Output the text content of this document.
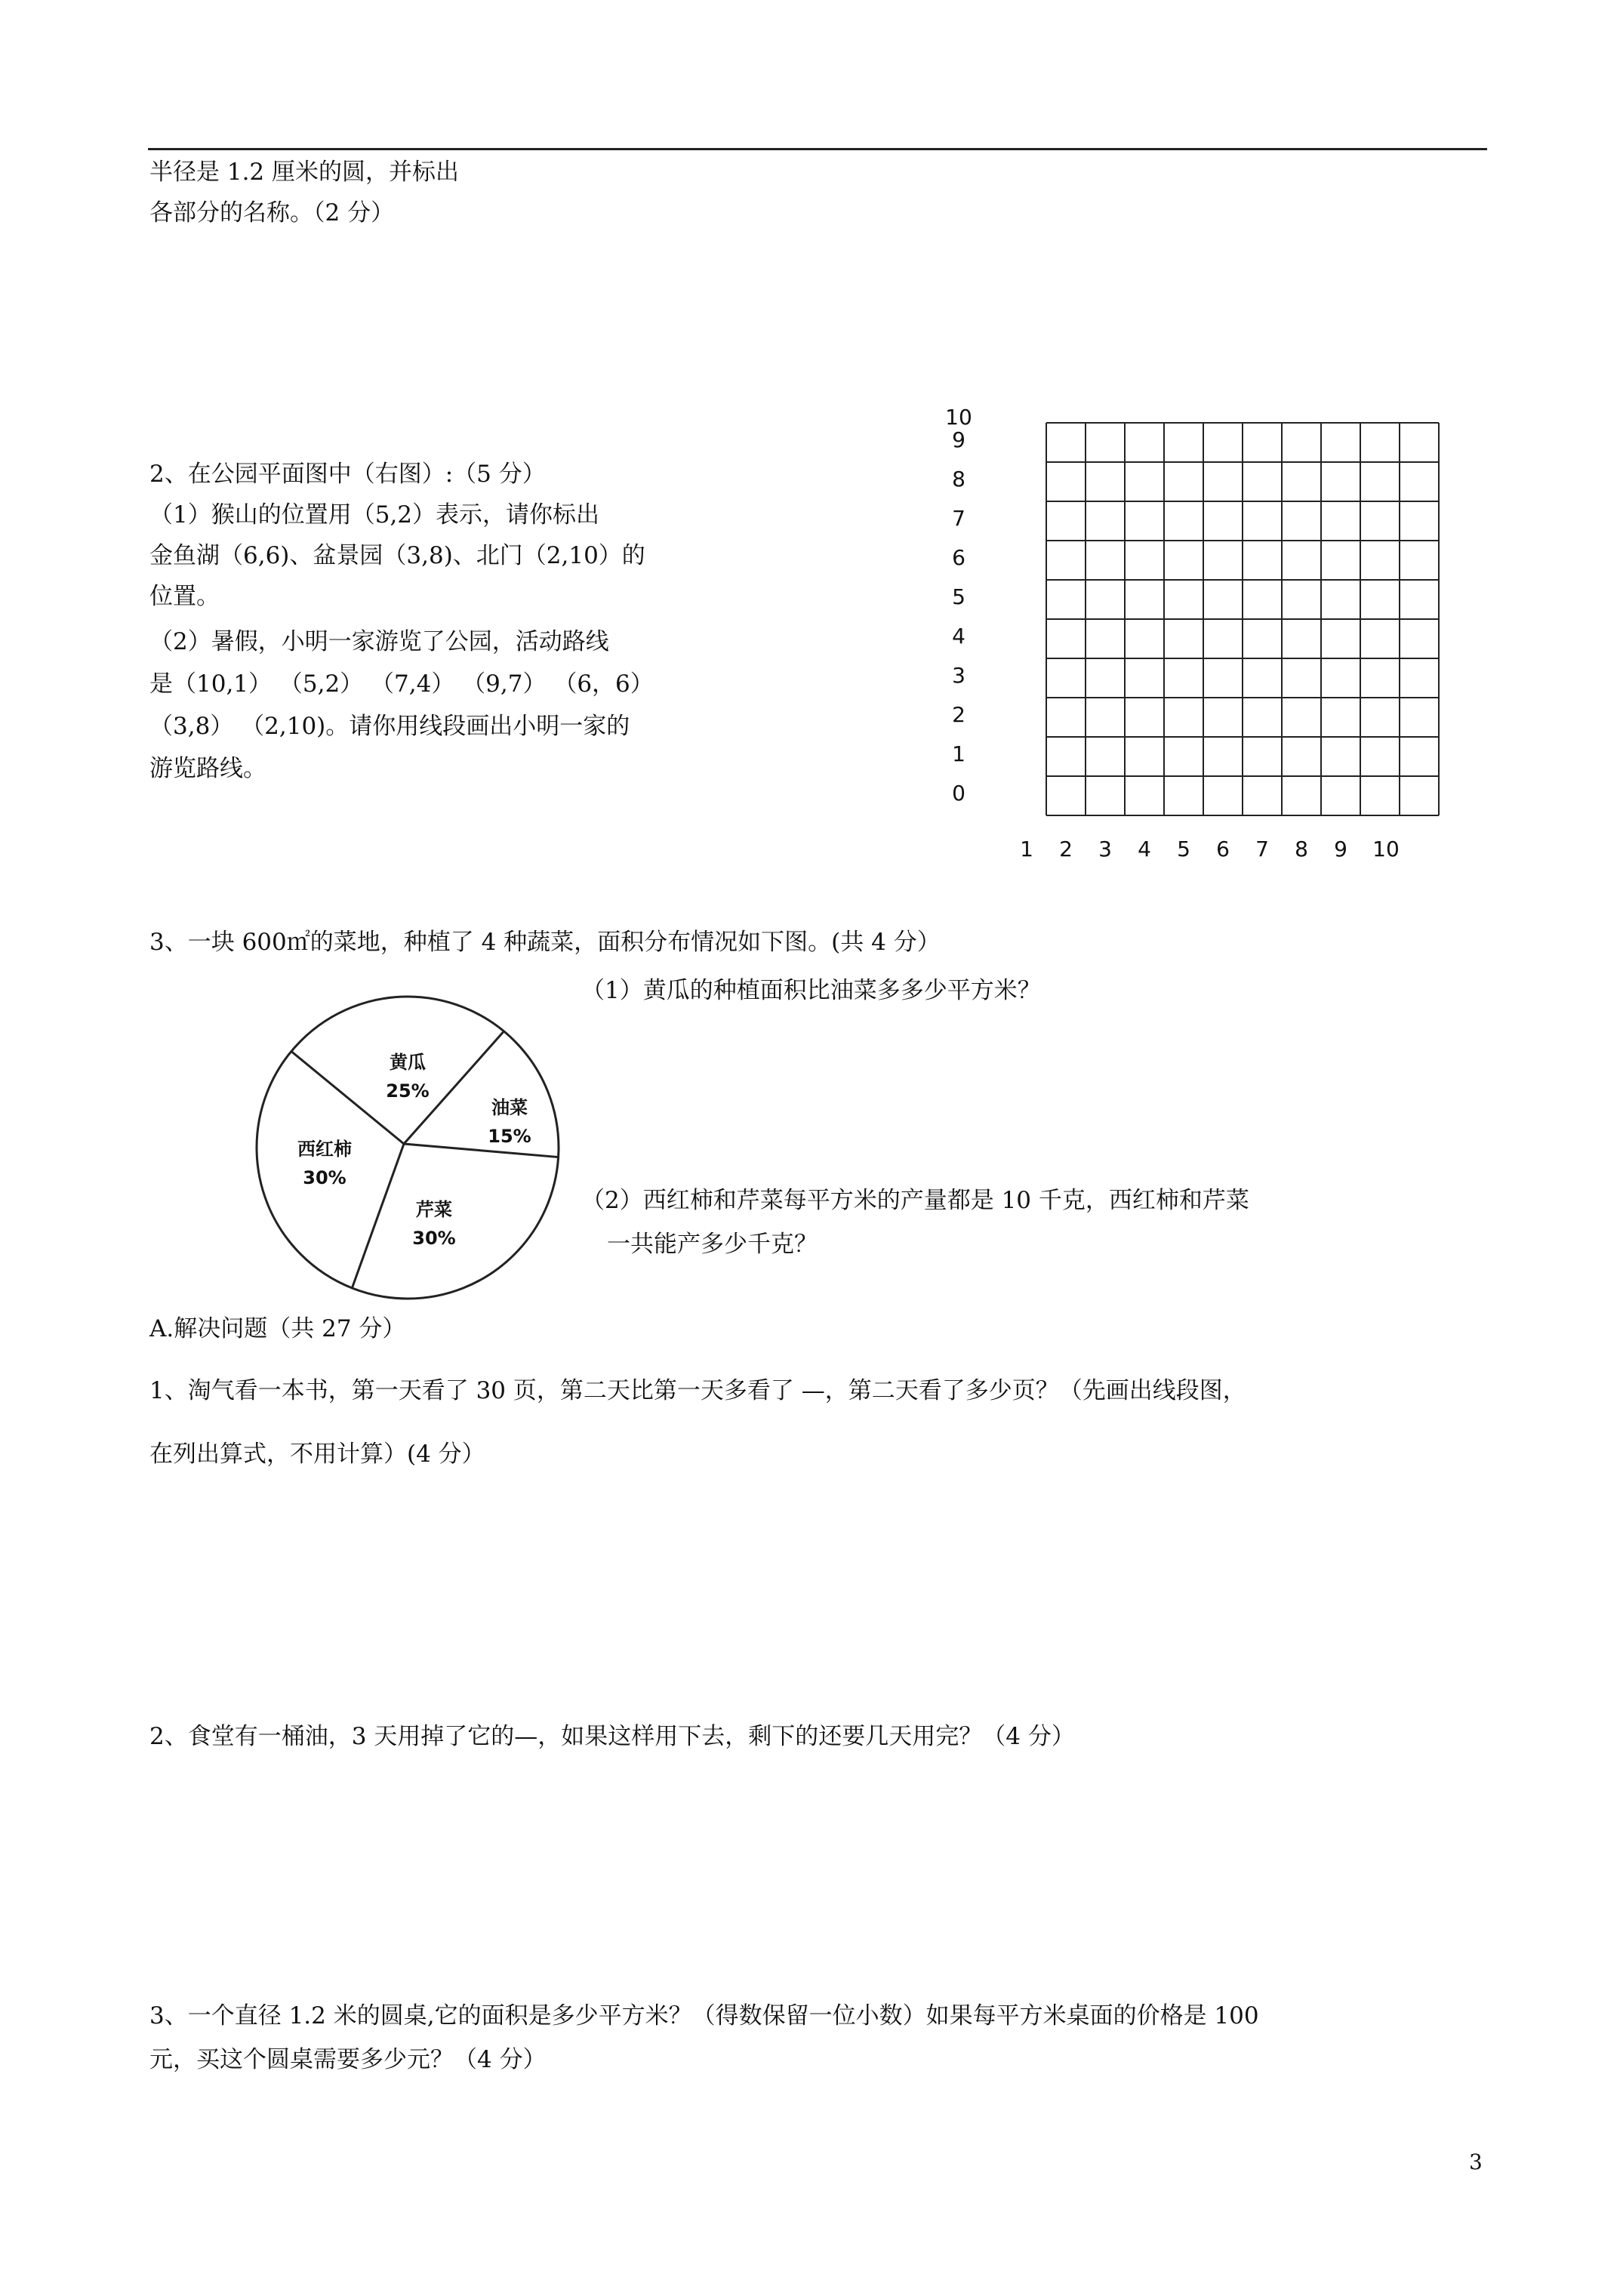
半径是 1.2 厘米的圆，并标出
各部分的名称。（2 分）
2、在公园平面图中（右图）:（5 分）
（1）猴山的位置用（5,2）表示，请你标出
金鱼湖（6,6)、盆景园（3,8)、北门（2,10）的
位置。
（2）暑假，小明一家游览了公园，活动路线
是（10,1） （5,2） （7,4） （9,7） （6，6）
（3,8） （2,10)。请你用线段画出小明一家的
游览路线。
0
1
2
3
4
5
6
7
8
9
10
1 2 3 4 5 6 7 8 9 10
3、一块 600㎡的菜地，种植了 4 种蔬菜，面积分布情况如下图。(共 4 分）
（1）黄瓜的种植面积比油菜多多少平方米？
（2）西红柿和芹菜每平方米的产量都是 10 千克，西红柿和芹菜
一共能产多少千克？
黄瓜
25%
油菜
15%
芹菜
30%
西红柿
30%
A.解决问题（共 27 分）
1、淘气看一本书，第一天看了 30 页，第二天比第一天多看了 —，第二天看了多少页？（先画出线段图，
在列出算式，不用计算）(4 分）
2、食堂有一桶油，3 天用掉了它的—，如果这样用下去，剩下的还要几天用完？（4 分）
3、一个直径 1.2 米的圆桌,它的面积是多少平方米？（得数保留一位小数）如果每平方米桌面的价格是 100
元，买这个圆桌需要多少元？（4 分）
3
